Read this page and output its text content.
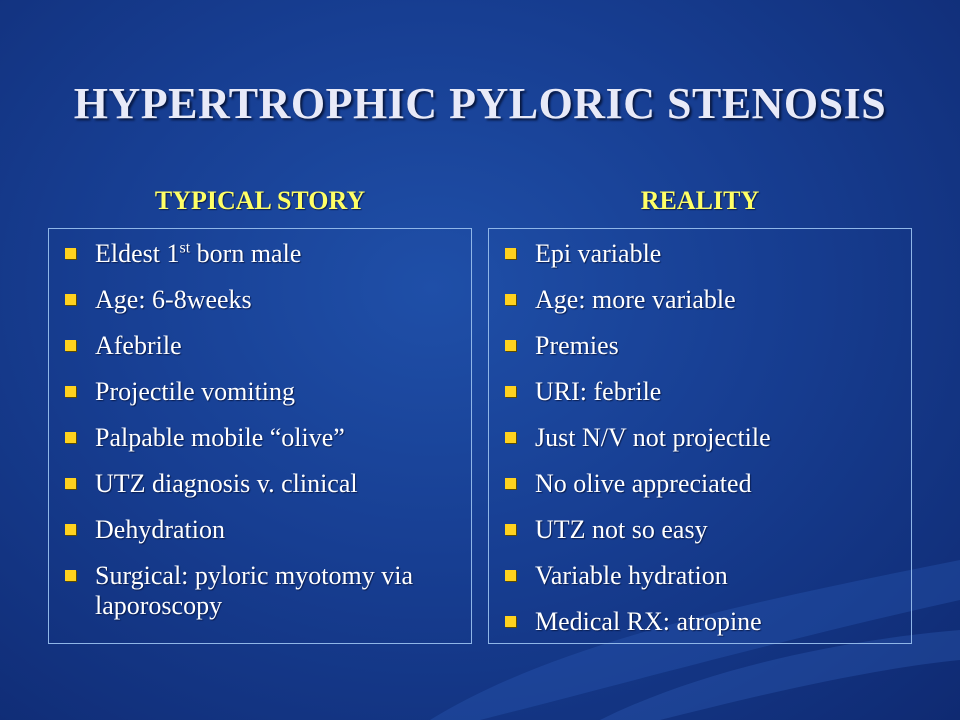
HYPERTROPHIC PYLORIC STENOSIS
TYPICAL STORY	REALITY
Eldest 1st born male
Age: 6-8weeks
Afebrile
Projectile vomiting
Palpable mobile “olive”
UTZ diagnosis v. clinical
Dehydration
Surgical: pyloric myotomy via laporoscopy
Epi variable
Age: more variable
Premies
URI: febrile
Just N/V not projectile
No olive appreciated
UTZ not so easy
Variable hydration
Medical RX: atropine
